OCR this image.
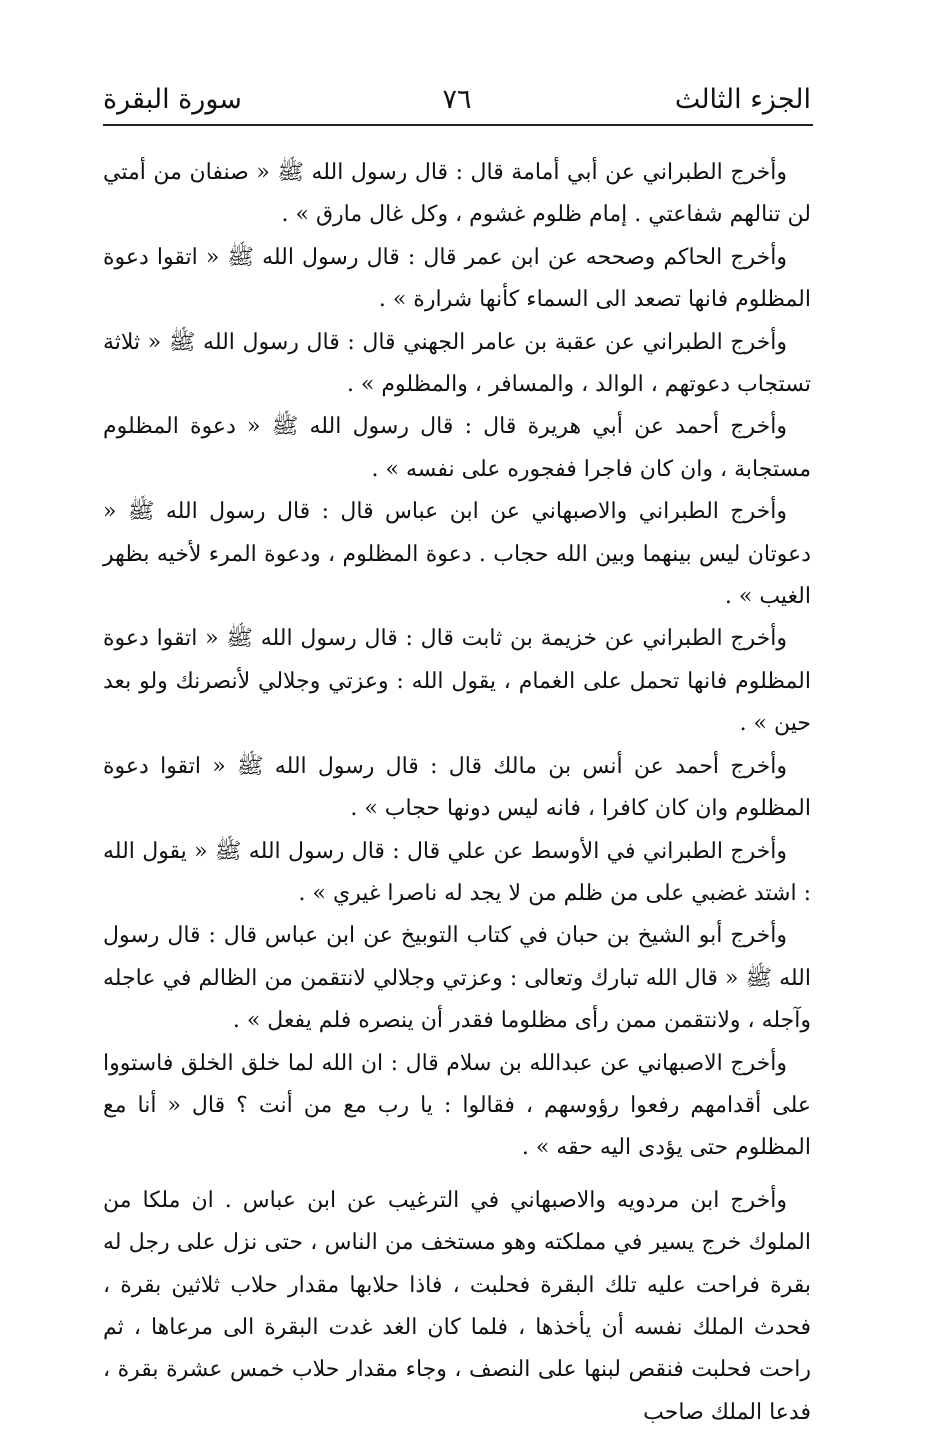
الجزء الثالث
٧٦
سورة البقرة

وأخرج الطبراني عن أبي أمامة قال : قال رسول الله ﷺ « صنفان من أمتي لن تنالهم شفاعتي . إمام ظلوم غشوم ، وكل غال مارق » .

وأخرج الحاكم وصححه عن ابن عمر قال : قال رسول الله ﷺ « اتقوا دعوة المظلوم فانها تصعد الى السماء كأنها شرارة » .

وأخرج الطبراني عن عقبة بن عامر الجهني قال : قال رسول الله ﷺ « ثلاثة تستجاب دعوتهم ، الوالد ، والمسافر ، والمظلوم » .

وأخرج أحمد عن أبي هريرة قال : قال رسول الله ﷺ « دعوة المظلوم مستجابة ، وان كان فاجرا ففجوره على نفسه » .

وأخرج الطبراني والاصبهاني عن ابن عباس قال : قال رسول الله ﷺ « دعوتان ليس بينهما وبين الله حجاب . دعوة المظلوم ، ودعوة المرء لأخيه بظهر الغيب » .

وأخرج الطبراني عن خزيمة بن ثابت قال : قال رسول الله ﷺ « اتقوا دعوة المظلوم فانها تحمل على الغمام ، يقول الله : وعزتي وجلالي لأنصرنك ولو بعد حين » .

وأخرج أحمد عن أنس بن مالك قال : قال رسول الله ﷺ « اتقوا دعوة المظلوم وان كان كافرا ، فانه ليس دونها حجاب » .

وأخرج الطبراني في الأوسط عن علي قال : قال رسول الله ﷺ « يقول الله : اشتد غضبي على من ظلم من لا يجد له ناصرا غيري » .

وأخرج أبو الشيخ بن حبان في كتاب التوبيخ عن ابن عباس قال : قال رسول الله ﷺ « قال الله تبارك وتعالى : وعزتي وجلالي لانتقمن من الظالم في عاجله وآجله ، ولانتقمن ممن رأى مظلوما فقدر أن ينصره فلم يفعل » .

وأخرج الاصبهاني عن عبدالله بن سلام قال : ان الله لما خلق الخلق فاستووا على أقدامهم رفعوا رؤوسهم ، فقالوا : يا رب مع من أنت ؟ قال « أنا مع المظلوم حتى يؤدى اليه حقه » .

وأخرج ابن مردويه والاصبهاني في الترغيب عن ابن عباس . ان ملكا من الملوك خرج يسير في مملكته وهو مستخف من الناس ، حتى نزل على رجل له بقرة فراحت عليه تلك البقرة فحلبت ، فاذا حلابها مقدار حلاب ثلاثين بقرة ، فحدث الملك نفسه أن يأخذها ، فلما كان الغد غدت البقرة الى مرعاها ، ثم راحت فحلبت فنقص لبنها على النصف ، وجاء مقدار حلاب خمس عشرة بقرة ، فدعا الملك صاحب
